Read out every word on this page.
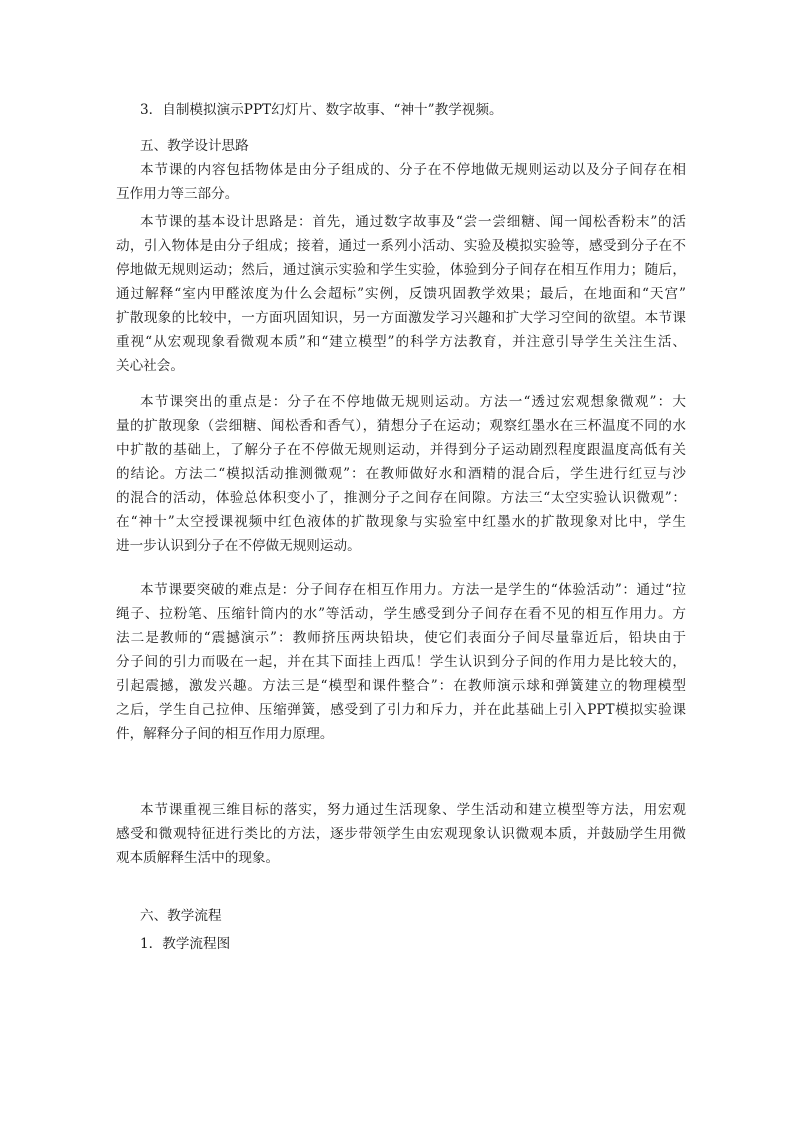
3．自制模拟演示PPT幻灯片、数字故事、“神十”教学视频。
五、教学设计思路
本节课的内容包括物体是由分子组成的、分子在不停地做无规则运动以及分子间存在相
互作用力等三部分。
本节课的基本设计思路是：首先，通过数字故事及“尝一尝细糖、闻一闻松香粉末”的活
动，引入物体是由分子组成；接着，通过一系列小活动、实验及模拟实验等，感受到分子在不
停地做无规则运动；然后，通过演示实验和学生实验，体验到分子间存在相互作用力；随后，
通过解释“室内甲醛浓度为什么会超标”实例，反馈巩固教学效果；最后，在地面和“天宫”
扩散现象的比较中，一方面巩固知识，另一方面激发学习兴趣和扩大学习空间的欲望。本节课
重视“从宏观现象看微观本质”和“建立模型”的科学方法教育，并注意引导学生关注生活、
关心社会。
本节课突出的重点是：分子在不停地做无规则运动。方法一“透过宏观想象微观”：大
量的扩散现象（尝细糖、闻松香和香气），猜想分子在运动；观察红墨水在三杯温度不同的水
中扩散的基础上，了解分子在不停做无规则运动，并得到分子运动剧烈程度跟温度高低有关
的结论。方法二“模拟活动推测微观”：在教师做好水和酒精的混合后，学生进行红豆与沙
的混合的活动，体验总体积变小了，推测分子之间存在间隙。方法三“太空实验认识微观”：
在“神十”太空授课视频中红色液体的扩散现象与实验室中红墨水的扩散现象对比中，学生
进一步认识到分子在不停做无规则运动。
本节课要突破的难点是：分子间存在相互作用力。方法一是学生的“体验活动”：通过“拉
绳子、拉粉笔、压缩针筒内的水”等活动，学生感受到分子间存在看不见的相互作用力。方
法二是教师的“震撼演示”：教师挤压两块铅块，使它们表面分子间尽量靠近后，铅块由于
分子间的引力而吸在一起，并在其下面挂上西瓜！学生认识到分子间的作用力是比较大的，
引起震撼，激发兴趣。方法三是“模型和课件整合”：在教师演示球和弹簧建立的物理模型
之后，学生自己拉伸、压缩弹簧，感受到了引力和斥力，并在此基础上引入PPT模拟实验课
件，解释分子间的相互作用力原理。
本节课重视三维目标的落实，努力通过生活现象、学生活动和建立模型等方法，用宏观
感受和微观特征进行类比的方法，逐步带领学生由宏观现象认识微观本质，并鼓励学生用微
观本质解释生活中的现象。
六、教学流程
1．教学流程图
